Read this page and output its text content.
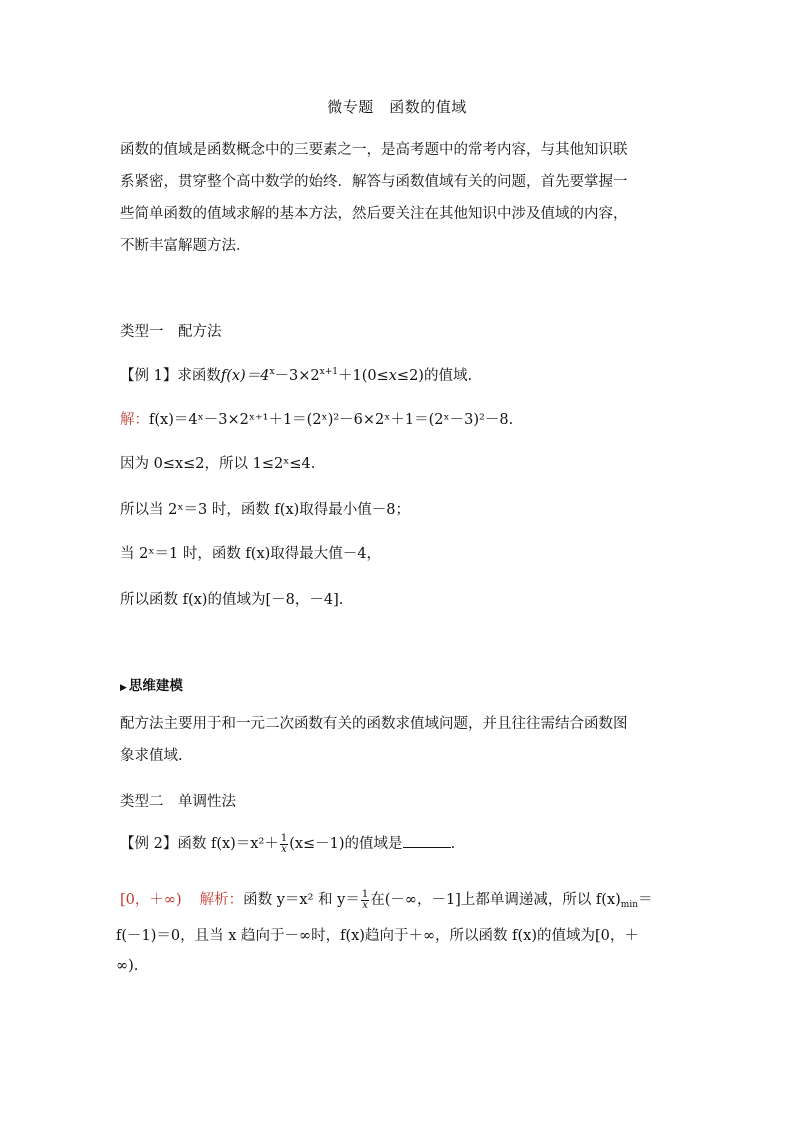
微专题　函数的值域
函数的值域是函数概念中的三要素之一，是高考题中的常考内容，与其他知识联
系紧密，贯穿整个高中数学的始终．解答与函数值域有关的问题，首先要掌握一
些简单函数的值域求解的基本方法，然后要关注在其他知识中涉及值域的内容，
不断丰富解题方法．
类型一　配方法
【例 1】求函数$f(x)=4^x-3\times 2^{x+1}+1(0\le x\le 2)$的值域.
解：f(x)＝4ˣ－3×2ˣ⁺¹＋1＝(2ˣ)²－6×2ˣ＋1＝(2ˣ－3)²－8.
因为 0≤x≤2，所以 1≤2ˣ≤4.
所以当 2ˣ＝3 时，函数 f(x)取得最小值－8；
当 2ˣ＝1 时，函数 f(x)取得最大值－4，
所以函数 f(x)的值域为[－8，－4].
▶ 思维建模
配方法主要用于和一元二次函数有关的函数求值域问题，并且往往需结合函数图
象求值域.
类型二　单调性法
【例 2】函数 $f(x)=x^2+ \frac{1}{x} (x\le-1)$的值域是	.
[0，＋∞) 解析：函数 y＝x² 和 $y= \frac{1}{x}$ 在(－∞，－1]上都单调递减，所以 $f(x)_{min}=$
f(－1)＝0，且当 x 趋向于－∞时，f(x)趋向于＋∞，所以函数 f(x)的值域为[0，＋
∞).
